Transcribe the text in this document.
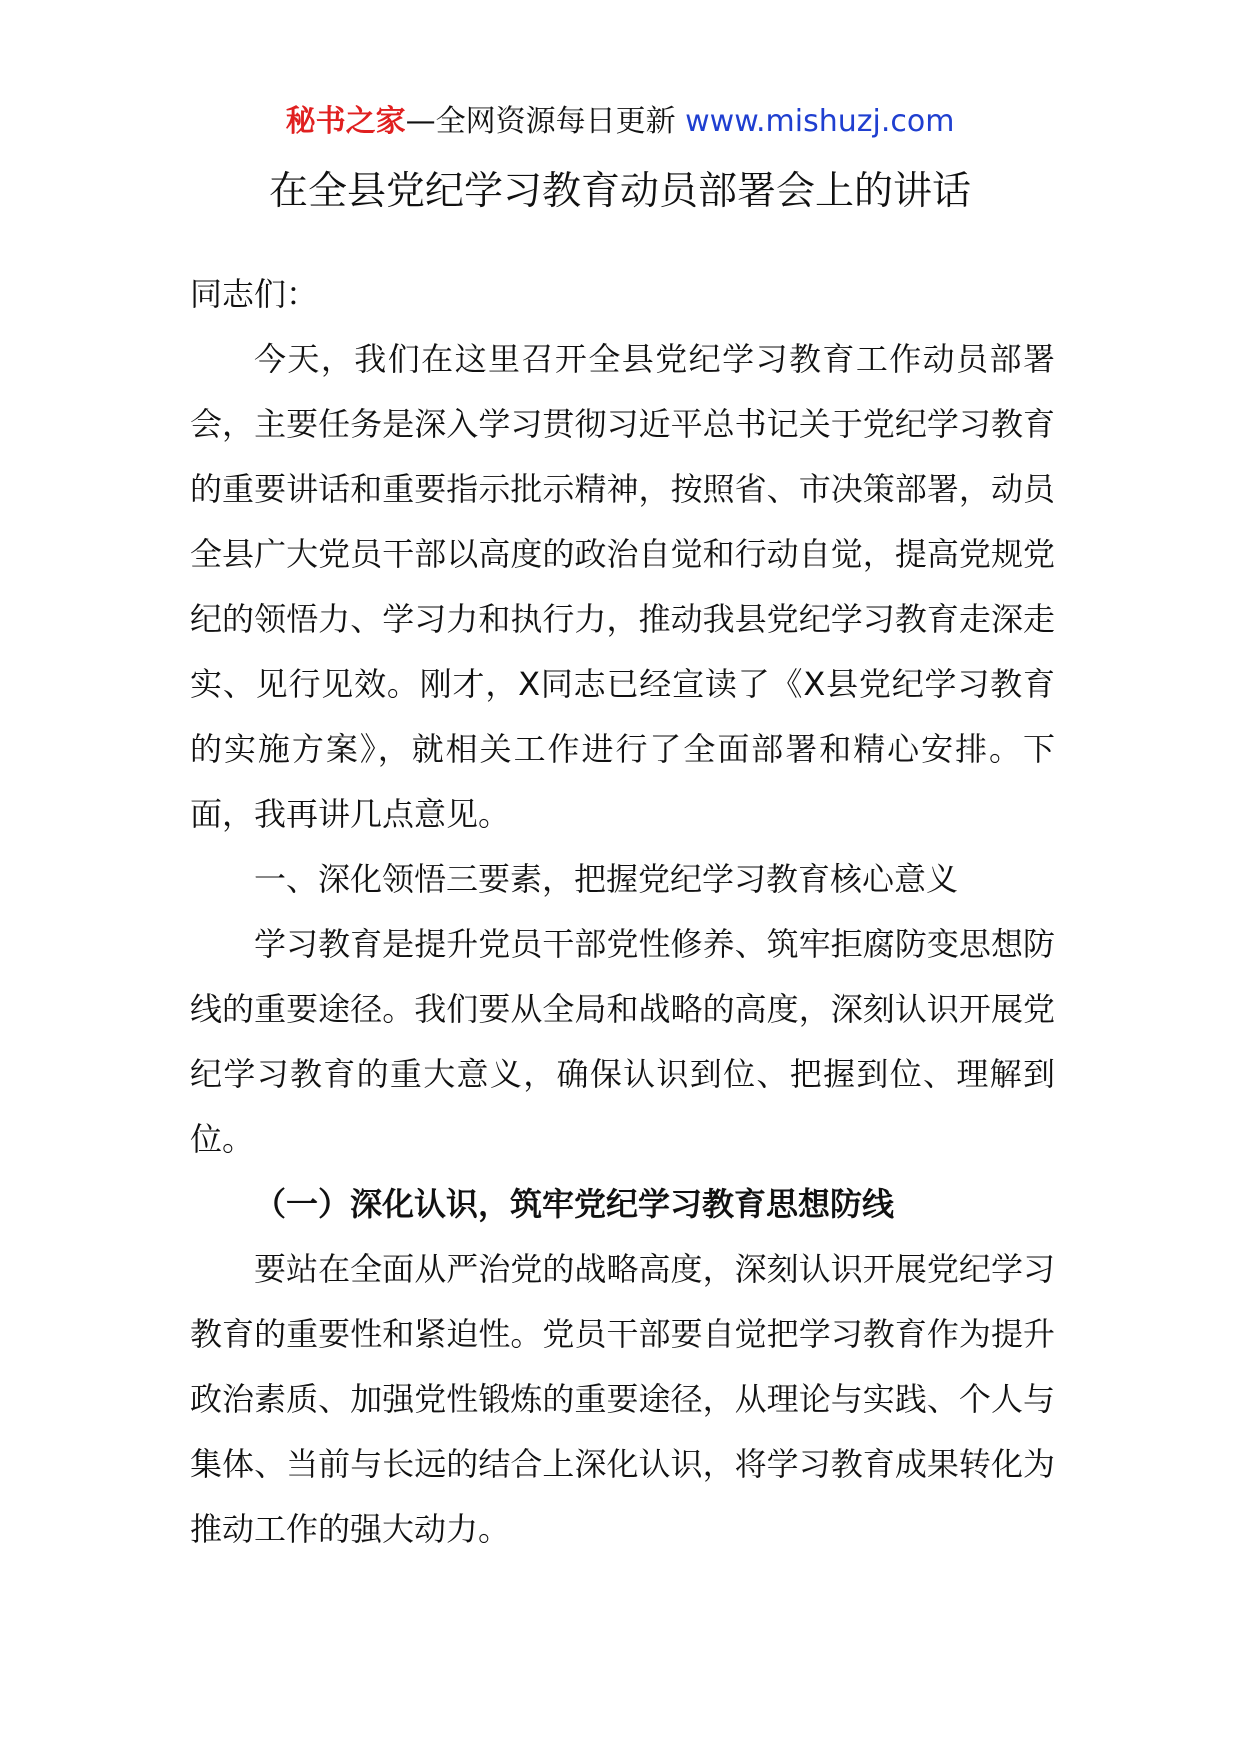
秘书之家—全网资源每日更新 www.mishuzj.com
在全县党纪学习教育动员部署会上的讲话

同志们：

今天，我们在这里召开全县党纪学习教育工作动员部署会，主要任务是深入学习贯彻习近平总书记关于党纪学习教育的重要讲话和重要指示批示精神，按照省、市决策部署，动员全县广大党员干部以高度的政治自觉和行动自觉，提高党规党纪的领悟力、学习力和执行力，推动我县党纪学习教育走深走实、见行见效。刚才，X同志已经宣读了《X县党纪学习教育的实施方案》，就相关工作进行了全面部署和精心安排。下面，我再讲几点意见。

一、深化领悟三要素，把握党纪学习教育核心意义

学习教育是提升党员干部党性修养、筑牢拒腐防变思想防线的重要途径。我们要从全局和战略的高度，深刻认识开展党纪学习教育的重大意义，确保认识到位、把握到位、理解到位。

（一）深化认识，筑牢党纪学习教育思想防线

要站在全面从严治党的战略高度，深刻认识开展党纪学习教育的重要性和紧迫性。党员干部要自觉把学习教育作为提升政治素质、加强党性锻炼的重要途径，从理论与实践、个人与集体、当前与长远的结合上深化认识，将学习教育成果转化为推动工作的强大动力。
